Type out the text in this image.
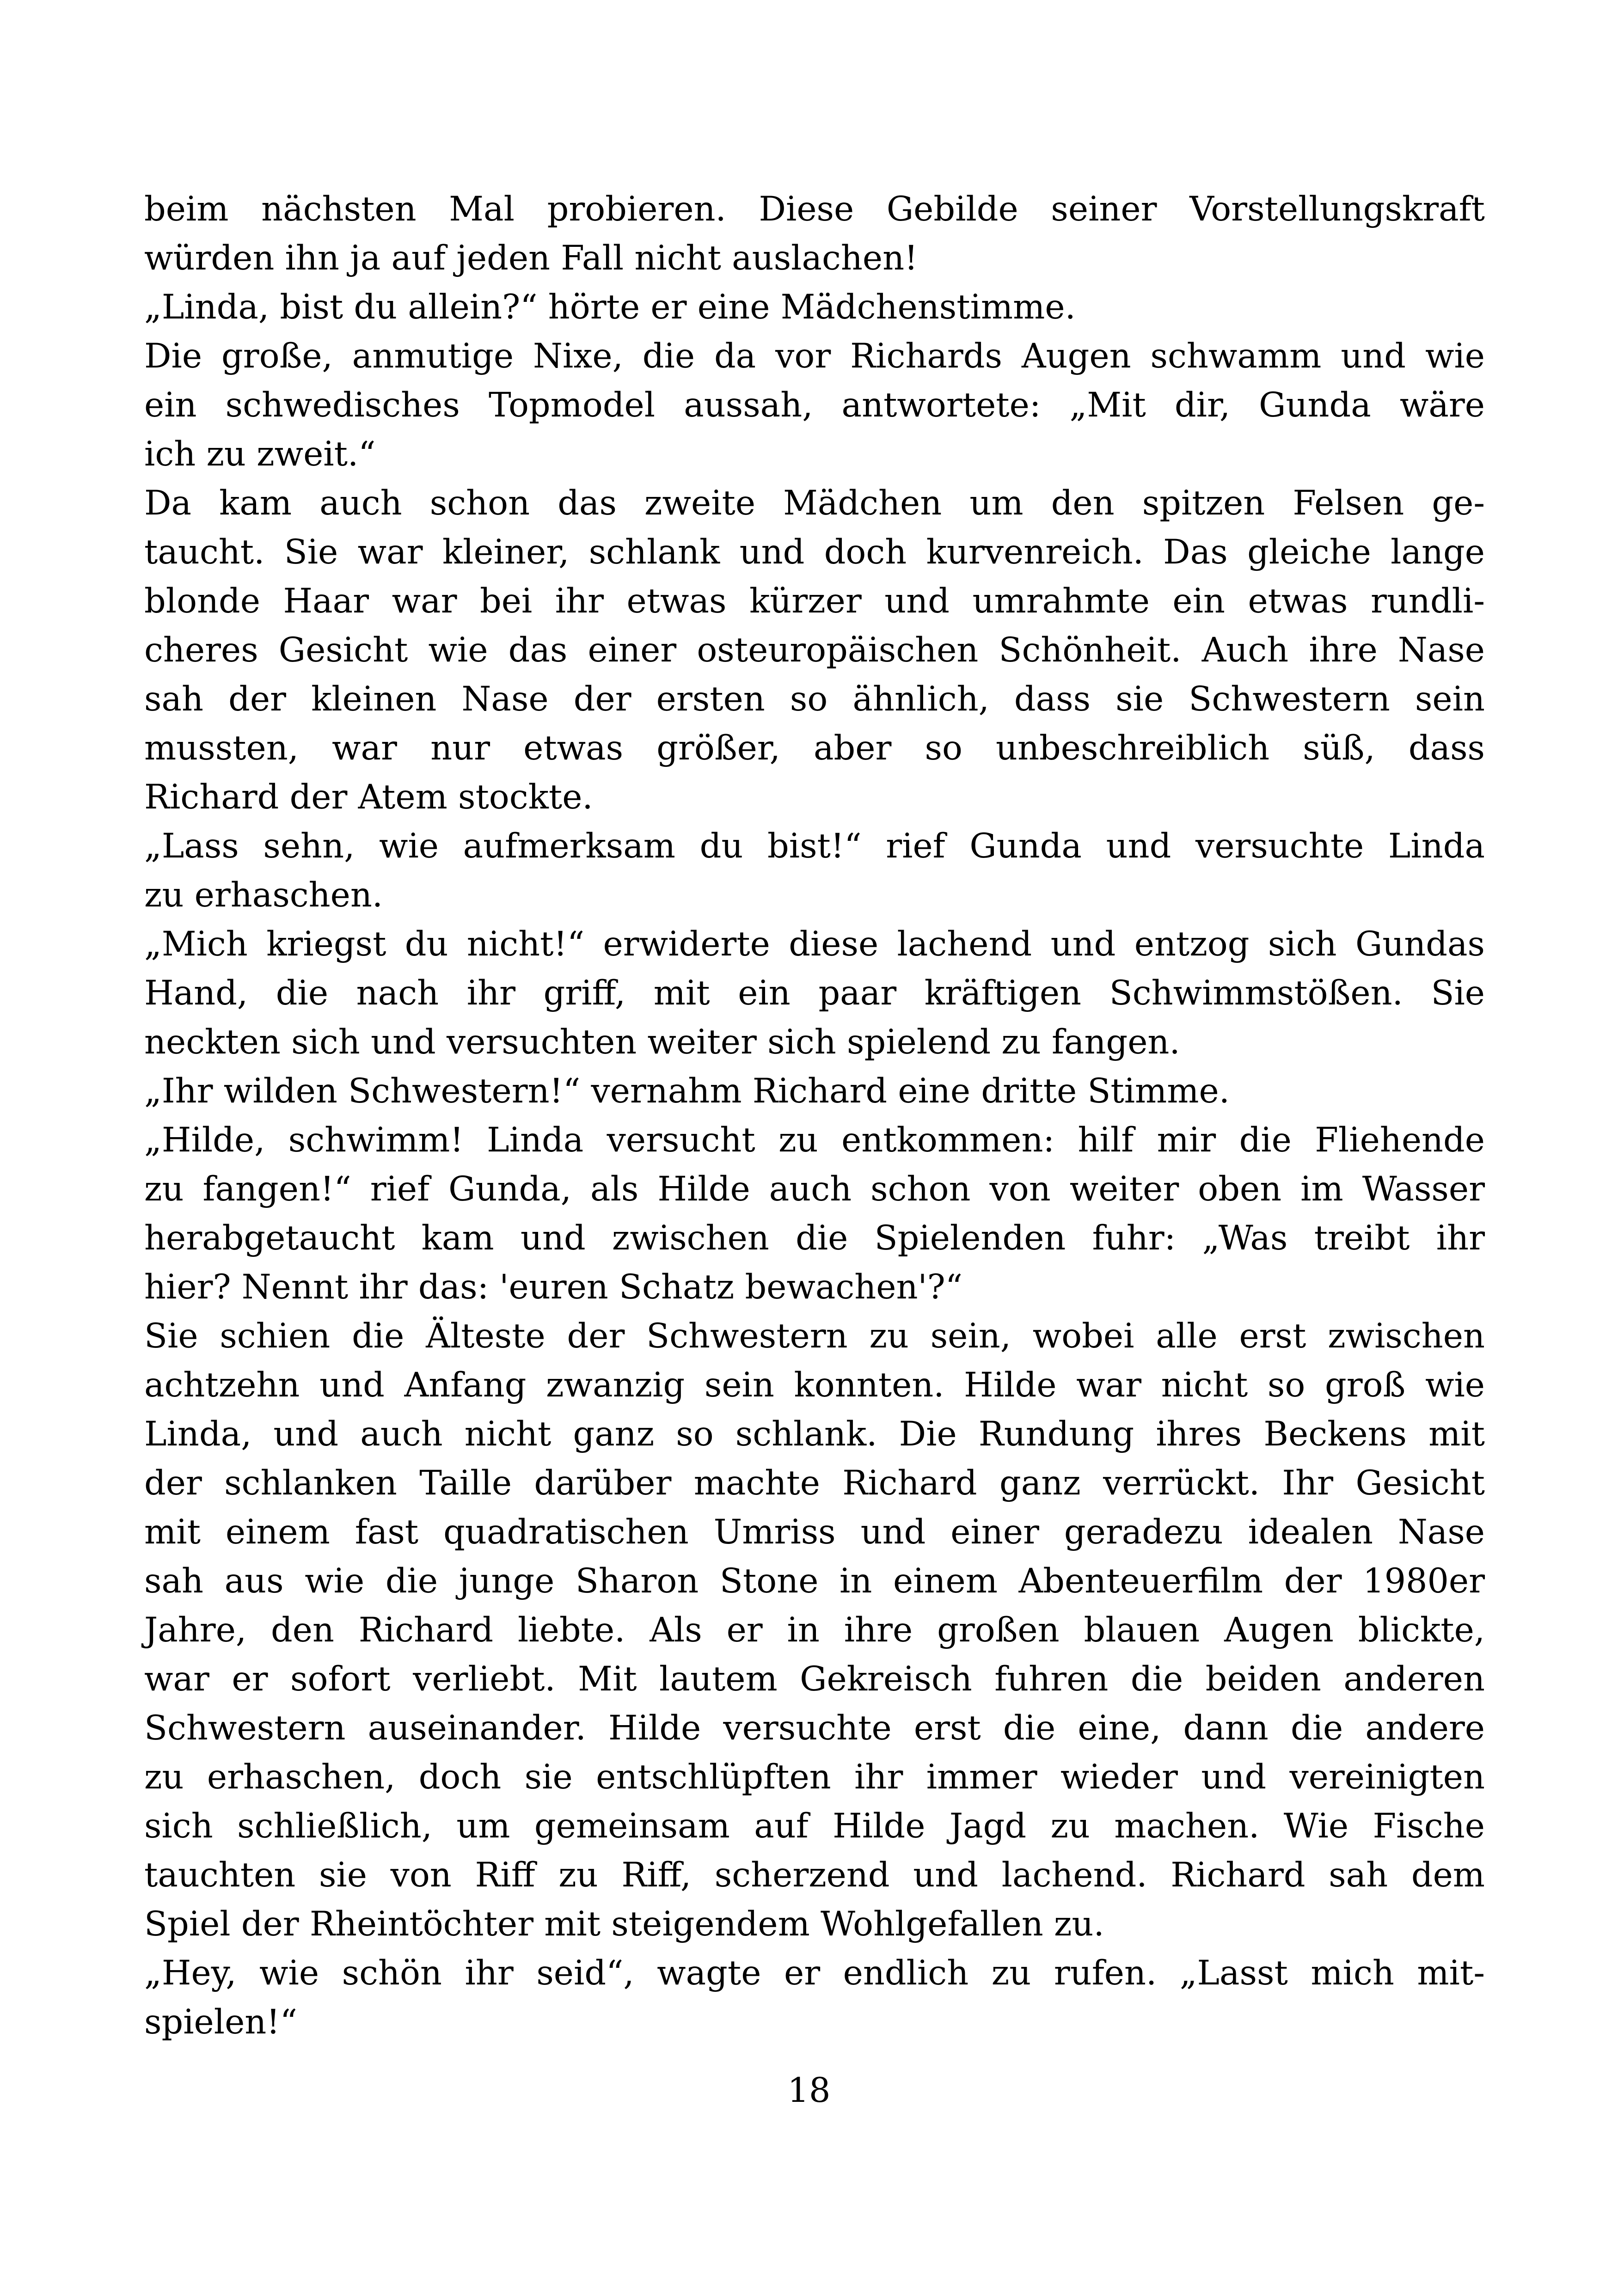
beim nächsten Mal probieren. Diese Gebilde seiner Vorstellungskraft
würden ihn ja auf jeden Fall nicht auslachen!
„Linda, bist du allein?“ hörte er eine Mädchenstimme.
Die große, anmutige Nixe, die da vor Richards Augen schwamm und wie
ein schwedisches Topmodel aussah, antwortete: „Mit dir, Gunda wäre
ich zu zweit.“
Da kam auch schon das zweite Mädchen um den spitzen Felsen ge-
taucht. Sie war kleiner, schlank und doch kurvenreich. Das gleiche lange
blonde Haar war bei ihr etwas kürzer und umrahmte ein etwas rundli-
cheres Gesicht wie das einer osteuropäischen Schönheit. Auch ihre Nase
sah der kleinen Nase der ersten so ähnlich, dass sie Schwestern sein
mussten, war nur etwas größer, aber so unbeschreiblich süß, dass
Richard der Atem stockte.
„Lass sehn, wie aufmerksam du bist!“ rief Gunda und versuchte Linda
zu erhaschen.
„Mich kriegst du nicht!“ erwiderte diese lachend und entzog sich Gundas
Hand, die nach ihr griff, mit ein paar kräftigen Schwimmstößen. Sie
neckten sich und versuchten weiter sich spielend zu fangen.
„Ihr wilden Schwestern!“ vernahm Richard eine dritte Stimme.
„Hilde, schwimm! Linda versucht zu entkommen: hilf mir die Fliehende
zu fangen!“ rief Gunda, als Hilde auch schon von weiter oben im Wasser
herabgetaucht kam und zwischen die Spielenden fuhr: „Was treibt ihr
hier? Nennt ihr das: 'euren Schatz bewachen'?“
Sie schien die Älteste der Schwestern zu sein, wobei alle erst zwischen
achtzehn und Anfang zwanzig sein konnten. Hilde war nicht so groß wie
Linda, und auch nicht ganz so schlank. Die Rundung ihres Beckens mit
der schlanken Taille darüber machte Richard ganz verrückt. Ihr Gesicht
mit einem fast quadratischen Umriss und einer geradezu idealen Nase
sah aus wie die junge Sharon Stone in einem Abenteuerfilm der 1980er
Jahre, den Richard liebte. Als er in ihre großen blauen Augen blickte,
war er sofort verliebt. Mit lautem Gekreisch fuhren die beiden anderen
Schwestern auseinander. Hilde versuchte erst die eine, dann die andere
zu erhaschen, doch sie entschlüpften ihr immer wieder und vereinigten
sich schließlich, um gemeinsam auf Hilde Jagd zu machen. Wie Fische
tauchten sie von Riff zu Riff, scherzend und lachend. Richard sah dem
Spiel der Rheintöchter mit steigendem Wohlgefallen zu.
„Hey, wie schön ihr seid“, wagte er endlich zu rufen. „Lasst mich mit-
spielen!“
18
